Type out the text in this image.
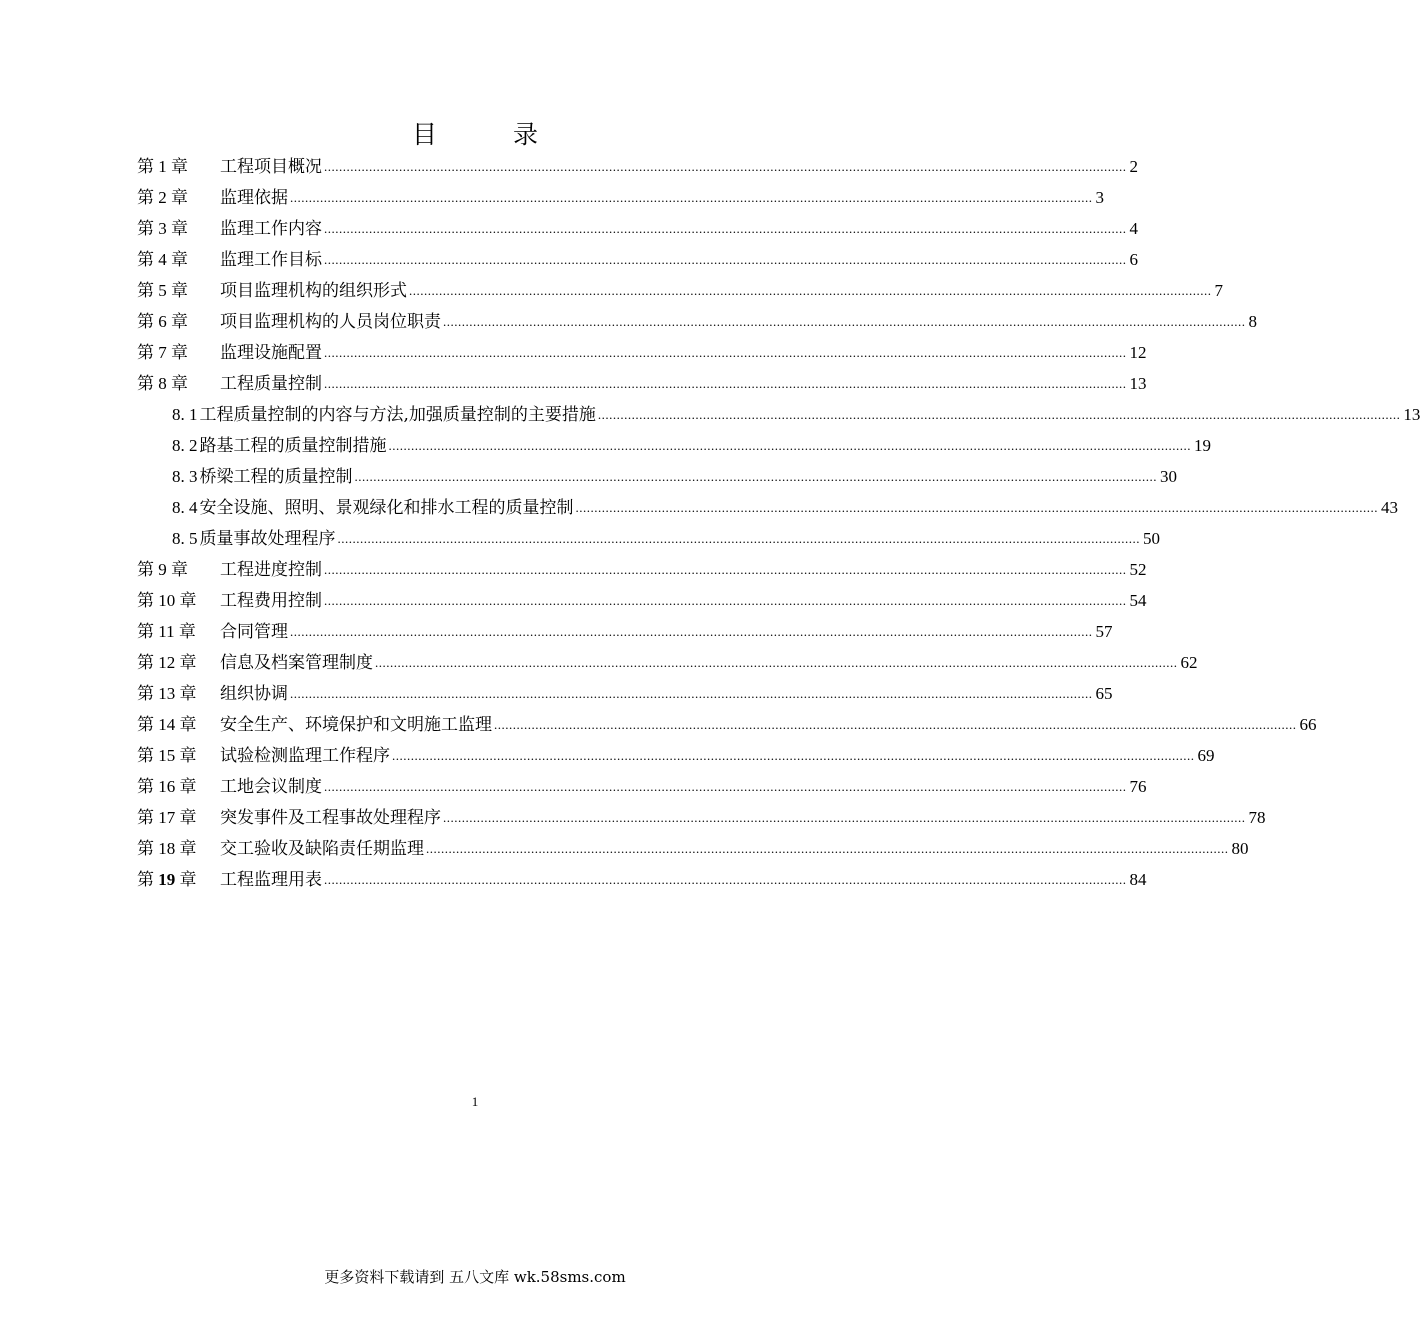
目 录
第 1 章	工程项目概况 .....	2
第 2 章	监理依据 .....	3
第 3 章	监理工作内容 .....	4
第 4 章	监理工作目标 .....	6
第 5 章	项目监理机构的组织形式 .....	7
第 6 章	项目监理机构的人员岗位职责 .....	8
第 7 章	监理设施配置 .....	12
第 8 章	工程质量控制 .....	13
8. 1 工程质量控制的内容与方法,加强质量控制的主要措施 .....	13
8. 2 路基工程的质量控制措施 .....	19
8. 3 桥梁工程的质量控制 .....	30
8. 4 安全设施、照明、景观绿化和排水工程的质量控制 .....	43
8. 5 质量事故处理程序 .....	50
第 9 章	工程进度控制 .....	52
第 10 章	工程费用控制 .....	54
第 11 章	合同管理 .....	57
第 12 章	信息及档案管理制度 .....	62
第 13 章	组织协调 .....	65
第 14 章	安全生产、环境保护和文明施工监理 .....	66
第 15 章	试验检测监理工作程序 .....	69
第 16 章	工地会议制度 .....	76
第 17 章	突发事件及工程事故处理程序 .....	78
第 18 章	交工验收及缺陷责任期监理 .....	80
第 19 章	工程监理用表 .....	84
1
更多资料下载请到 五八文库 wk.58sms.com
